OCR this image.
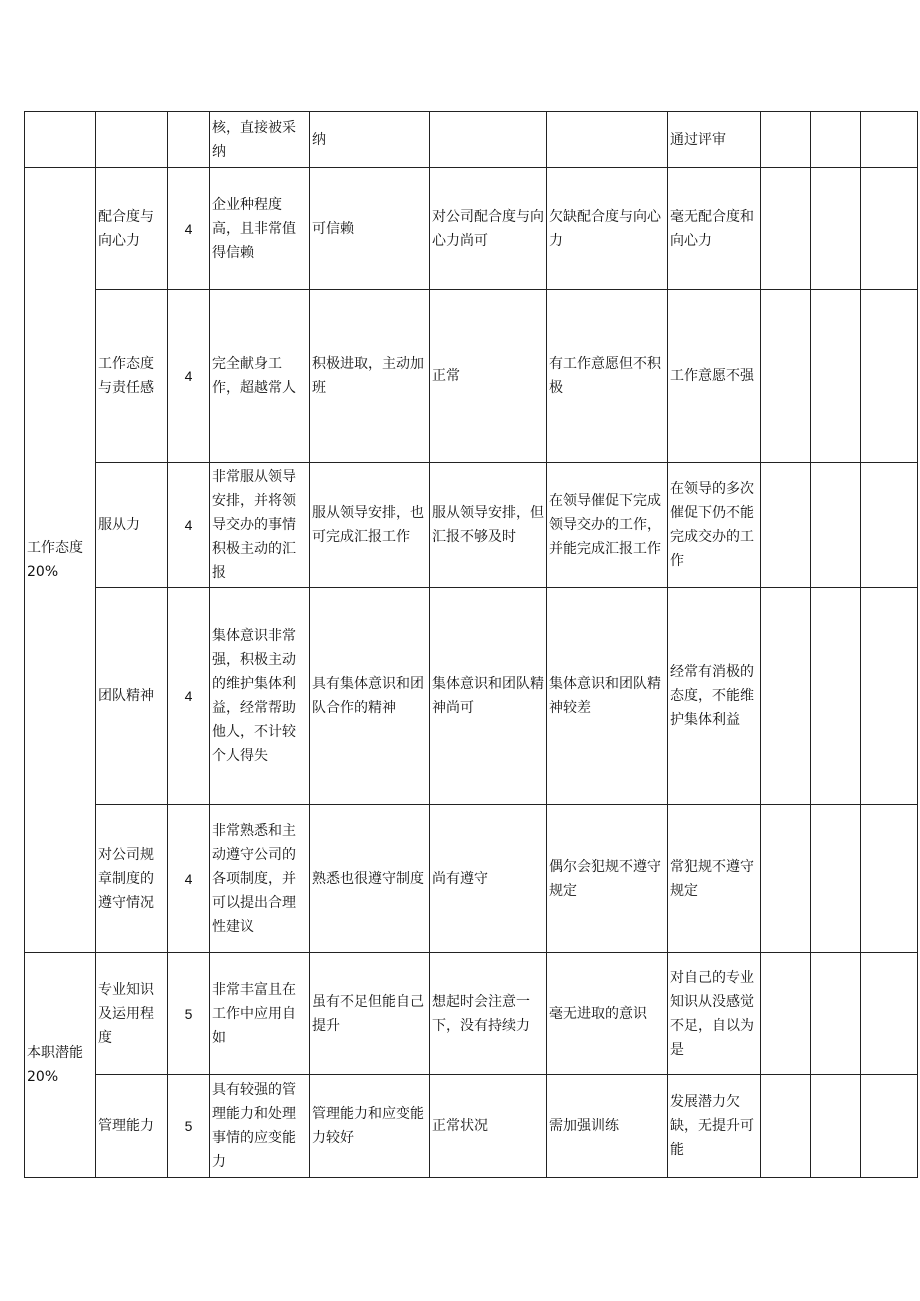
			核，直接被采纳	纳			通过评审			
工作态度 20%	配合度与向心力	4	企业种程度高，且非常值得信赖	可信赖	对公司配合度与向心力尚可	欠缺配合度与向心力	毫无配合度和向心力			
	工作态度与责任感	4	完全献身工作，超越常人	积极进取，主动加班	正常	有工作意愿但不积极	工作意愿不强			
	服从力	4	非常服从领导安排，并将领导交办的事情积极主动的汇报	服从领导安排，也可完成汇报工作	服从领导安排，但汇报不够及时	在领导催促下完成领导交办的工作，并能完成汇报工作	在领导的多次催促下仍不能完成交办的工作			
	团队精神	4	集体意识非常强，积极主动的维护集体利益，经常帮助他人，不计较个人得失	具有集体意识和团队合作的精神	集体意识和团队精神尚可	集体意识和团队精神较差	经常有消极的态度，不能维护集体利益			
	对公司规章制度的遵守情况	4	非常熟悉和主动遵守公司的各项制度，并可以提出合理性建议	熟悉也很遵守制度	尚有遵守	偶尔会犯规不遵守规定	常犯规不遵守规定			
本职潜能 20%	专业知识及运用程度	5	非常丰富且在工作中应用自如	虽有不足但能自己提升	想起时会注意一下，没有持续力	毫无进取的意识	对自己的专业知识从没感觉不足，自以为是			
	管理能力	5	具有较强的管理能力和处理事情的应变能力	管理能力和应变能力较好	正常状况	需加强训练	发展潜力欠缺，无提升可能			
